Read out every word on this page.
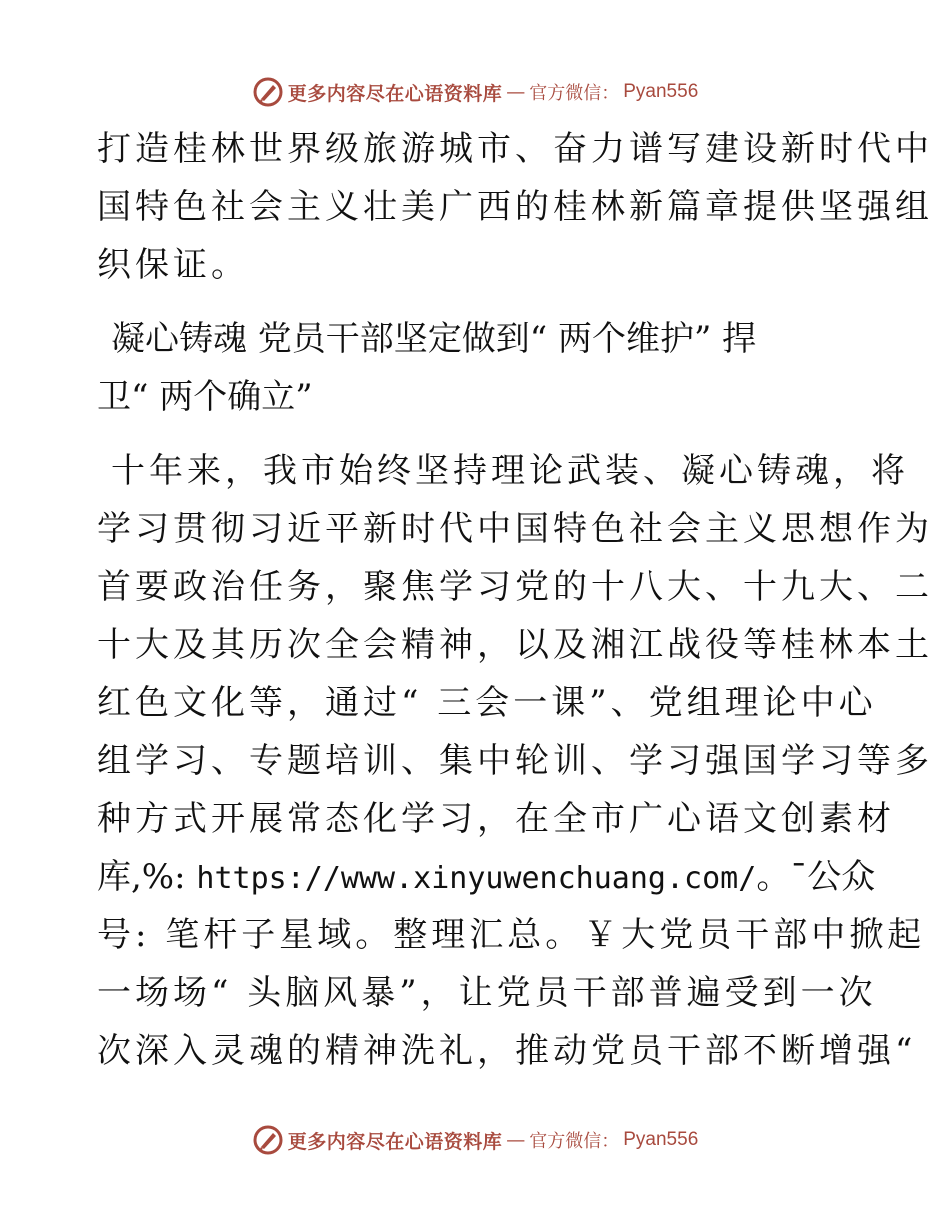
更多内容尽在心语资料库 — 官方微信： Pyan556
打造桂林世界级旅游城市、奋力谱写建设新时代中
国特色社会主义壮美广西的桂林新篇章提供坚强组
织保证。
凝心铸魂 党员干部坚定做到“ 两个维护” 捍
卫“ 两个确立”
十年来，我市始终坚持理论武装、凝心铸魂，将
学习贯彻习近平新时代中国特色社会主义思想作为
首要政治任务，聚焦学习党的十八大、十九大、二
十大及其历次全会精神，以及湘江战役等桂林本土
红色文化等，通过“ 三会一课”、党组理论中心
组学习、专题培训、集中轮训、学习强国学习等多
种方式开展常态化学习，在全市广心语文创素材
库,%: https://www.xinyuwenchuang.com/。¯公众
号: 笔杆子星域。整理汇总。￥大党员干部中掀起
一场场“ 头脑风暴”，让党员干部普遍受到一次
次深入灵魂的精神洗礼，推动党员干部不断增强“
更多内容尽在心语资料库 — 官方微信： Pyan556
